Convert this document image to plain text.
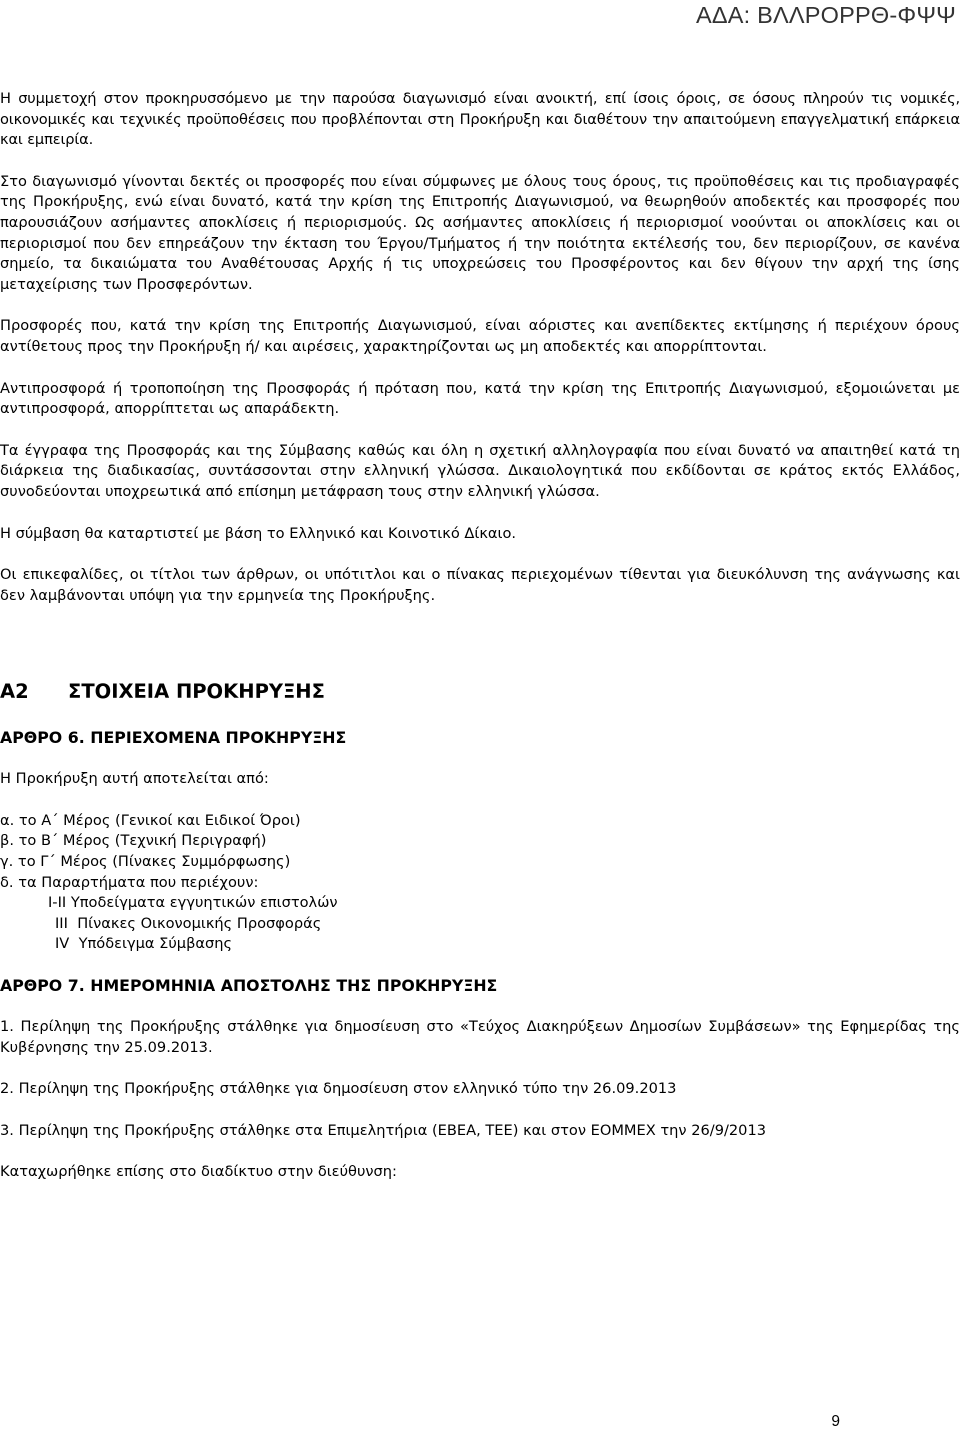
ΑΔΑ: ΒΛΛΡΟΡΡΘ-ΦΨΨ

Η συμμετοχή στον προκηρυσσόμενο με την παρούσα διαγωνισμό είναι ανοικτή, επί ίσοις όροις, σε όσους πληρούν τις νομικές, οικονομικές και τεχνικές προϋποθέσεις που προβλέπονται στη Προκήρυξη και διαθέτουν την απαιτούμενη επαγγελματική επάρκεια και εμπειρία.

Στο διαγωνισμό γίνονται δεκτές οι προσφορές που είναι σύμφωνες με όλους τους όρους, τις προϋποθέσεις και τις προδιαγραφές της Προκήρυξης, ενώ είναι δυνατό, κατά την κρίση της Επιτροπής Διαγωνισμού, να θεωρηθούν αποδεκτές και προσφορές που παρουσιάζουν ασήμαντες αποκλίσεις ή περιορισμούς. Ως ασήμαντες αποκλίσεις ή περιορισμοί νοούνται οι αποκλίσεις και οι περιορισμοί που δεν επηρεάζουν την έκταση του Έργου/Τμήματος ή την ποιότητα εκτέλεσής του, δεν περιορίζουν, σε κανένα σημείο, τα δικαιώματα του Αναθέτουσας Αρχής ή τις υποχρεώσεις του Προσφέροντος και δεν θίγουν την αρχή της ίσης μεταχείρισης των Προσφερόντων.

Προσφορές που, κατά την κρίση της Επιτροπής Διαγωνισμού, είναι αόριστες και ανεπίδεκτες εκτίμησης ή περιέχουν όρους αντίθετους προς την Προκήρυξη ή/ και αιρέσεις, χαρακτηρίζονται ως μη αποδεκτές και απορρίπτονται.

Αντιπροσφορά ή τροποποίηση της Προσφοράς ή πρόταση που, κατά την κρίση της Επιτροπής Διαγωνισμού, εξομοιώνεται με αντιπροσφορά, απορρίπτεται ως απαράδεκτη.

Τα έγγραφα της Προσφοράς και της Σύμβασης καθώς και όλη η σχετική αλληλογραφία που είναι δυνατό να απαιτηθεί κατά τη διάρκεια της διαδικασίας, συντάσσονται στην ελληνική γλώσσα. Δικαιολογητικά που εκδίδονται σε κράτος εκτός Ελλάδος, συνοδεύονται υποχρεωτικά από επίσημη μετάφραση τους στην ελληνική γλώσσα.

Η σύμβαση θα καταρτιστεί με βάση το Ελληνικό και Κοινοτικό Δίκαιο.

Οι επικεφαλίδες, οι τίτλοι των άρθρων, οι υπότιτλοι και ο πίνακας περιεχομένων τίθενται για διευκόλυνση της ανάγνωσης και δεν λαμβάνονται υπόψη για την ερμηνεία της Προκήρυξης.

Α2 ΣΤΟΙΧΕΙΑ ΠΡΟΚΗΡΥΞΗΣ

ΑΡΘΡΟ 6. ΠΕΡΙΕΧΟΜΕΝΑ ΠΡΟΚΗΡΥΞΗΣ

Η Προκήρυξη αυτή αποτελείται από:

α. το Α΄ Μέρος (Γενικοί και Ειδικοί Όροι)

β. το Β΄ Μέρος (Τεχνική Περιγραφή)

γ. το Γ΄ Μέρος (Πίνακες Συμμόρφωσης)

δ. τα Παραρτήματα που περιέχουν:

I-II Υποδείγματα εγγυητικών επιστολών

III  Πίνακες Οικονομικής Προσφοράς

IV  Υπόδειγμα Σύμβασης

ΑΡΘΡΟ 7. ΗΜΕΡΟΜΗΝΙΑ ΑΠΟΣΤΟΛΗΣ ΤΗΣ ΠΡΟΚΗΡΥΞΗΣ

1. Περίληψη της Προκήρυξης στάλθηκε για δημοσίευση στο «Τεύχος Διακηρύξεων Δημοσίων Συμβάσεων» της Εφημερίδας της Κυβέρνησης την 25.09.2013.

2. Περίληψη της Προκήρυξης στάλθηκε για δημοσίευση στον ελληνικό τύπο την 26.09.2013

3. Περίληψη της Προκήρυξης στάλθηκε στα Επιμελητήρια (ΕΒΕΑ, ΤΕΕ) και στον ΕΟΜΜΕΧ την 26/9/2013

Καταχωρήθηκε επίσης στο διαδίκτυο στην διεύθυνση:

9
